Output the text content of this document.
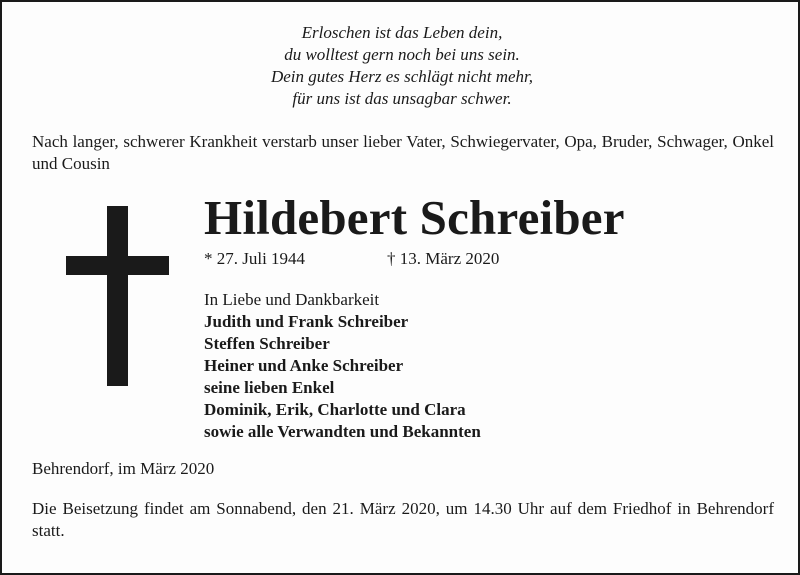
Erloschen ist das Leben dein,
du wolltest gern noch bei uns sein.
Dein gutes Herz es schlägt nicht mehr,
für uns ist das unsagbar schwer.
Nach langer, schwerer Krankheit verstarb unser lieber Vater, Schwiegervater, Opa, Bruder, Schwager, Onkel und Cousin
Hildebert Schreiber
* 27. Juli 1944	† 13. März 2020
In Liebe und Dankbarkeit
Judith und Frank Schreiber
Steffen Schreiber
Heiner und Anke Schreiber
seine lieben Enkel
Dominik, Erik, Charlotte und Clara
sowie alle Verwandten und Bekannten
Behrendorf, im März 2020
Die Beisetzung findet am Sonnabend, den 21. März 2020, um 14.30 Uhr auf dem Friedhof in Behrendorf statt.
